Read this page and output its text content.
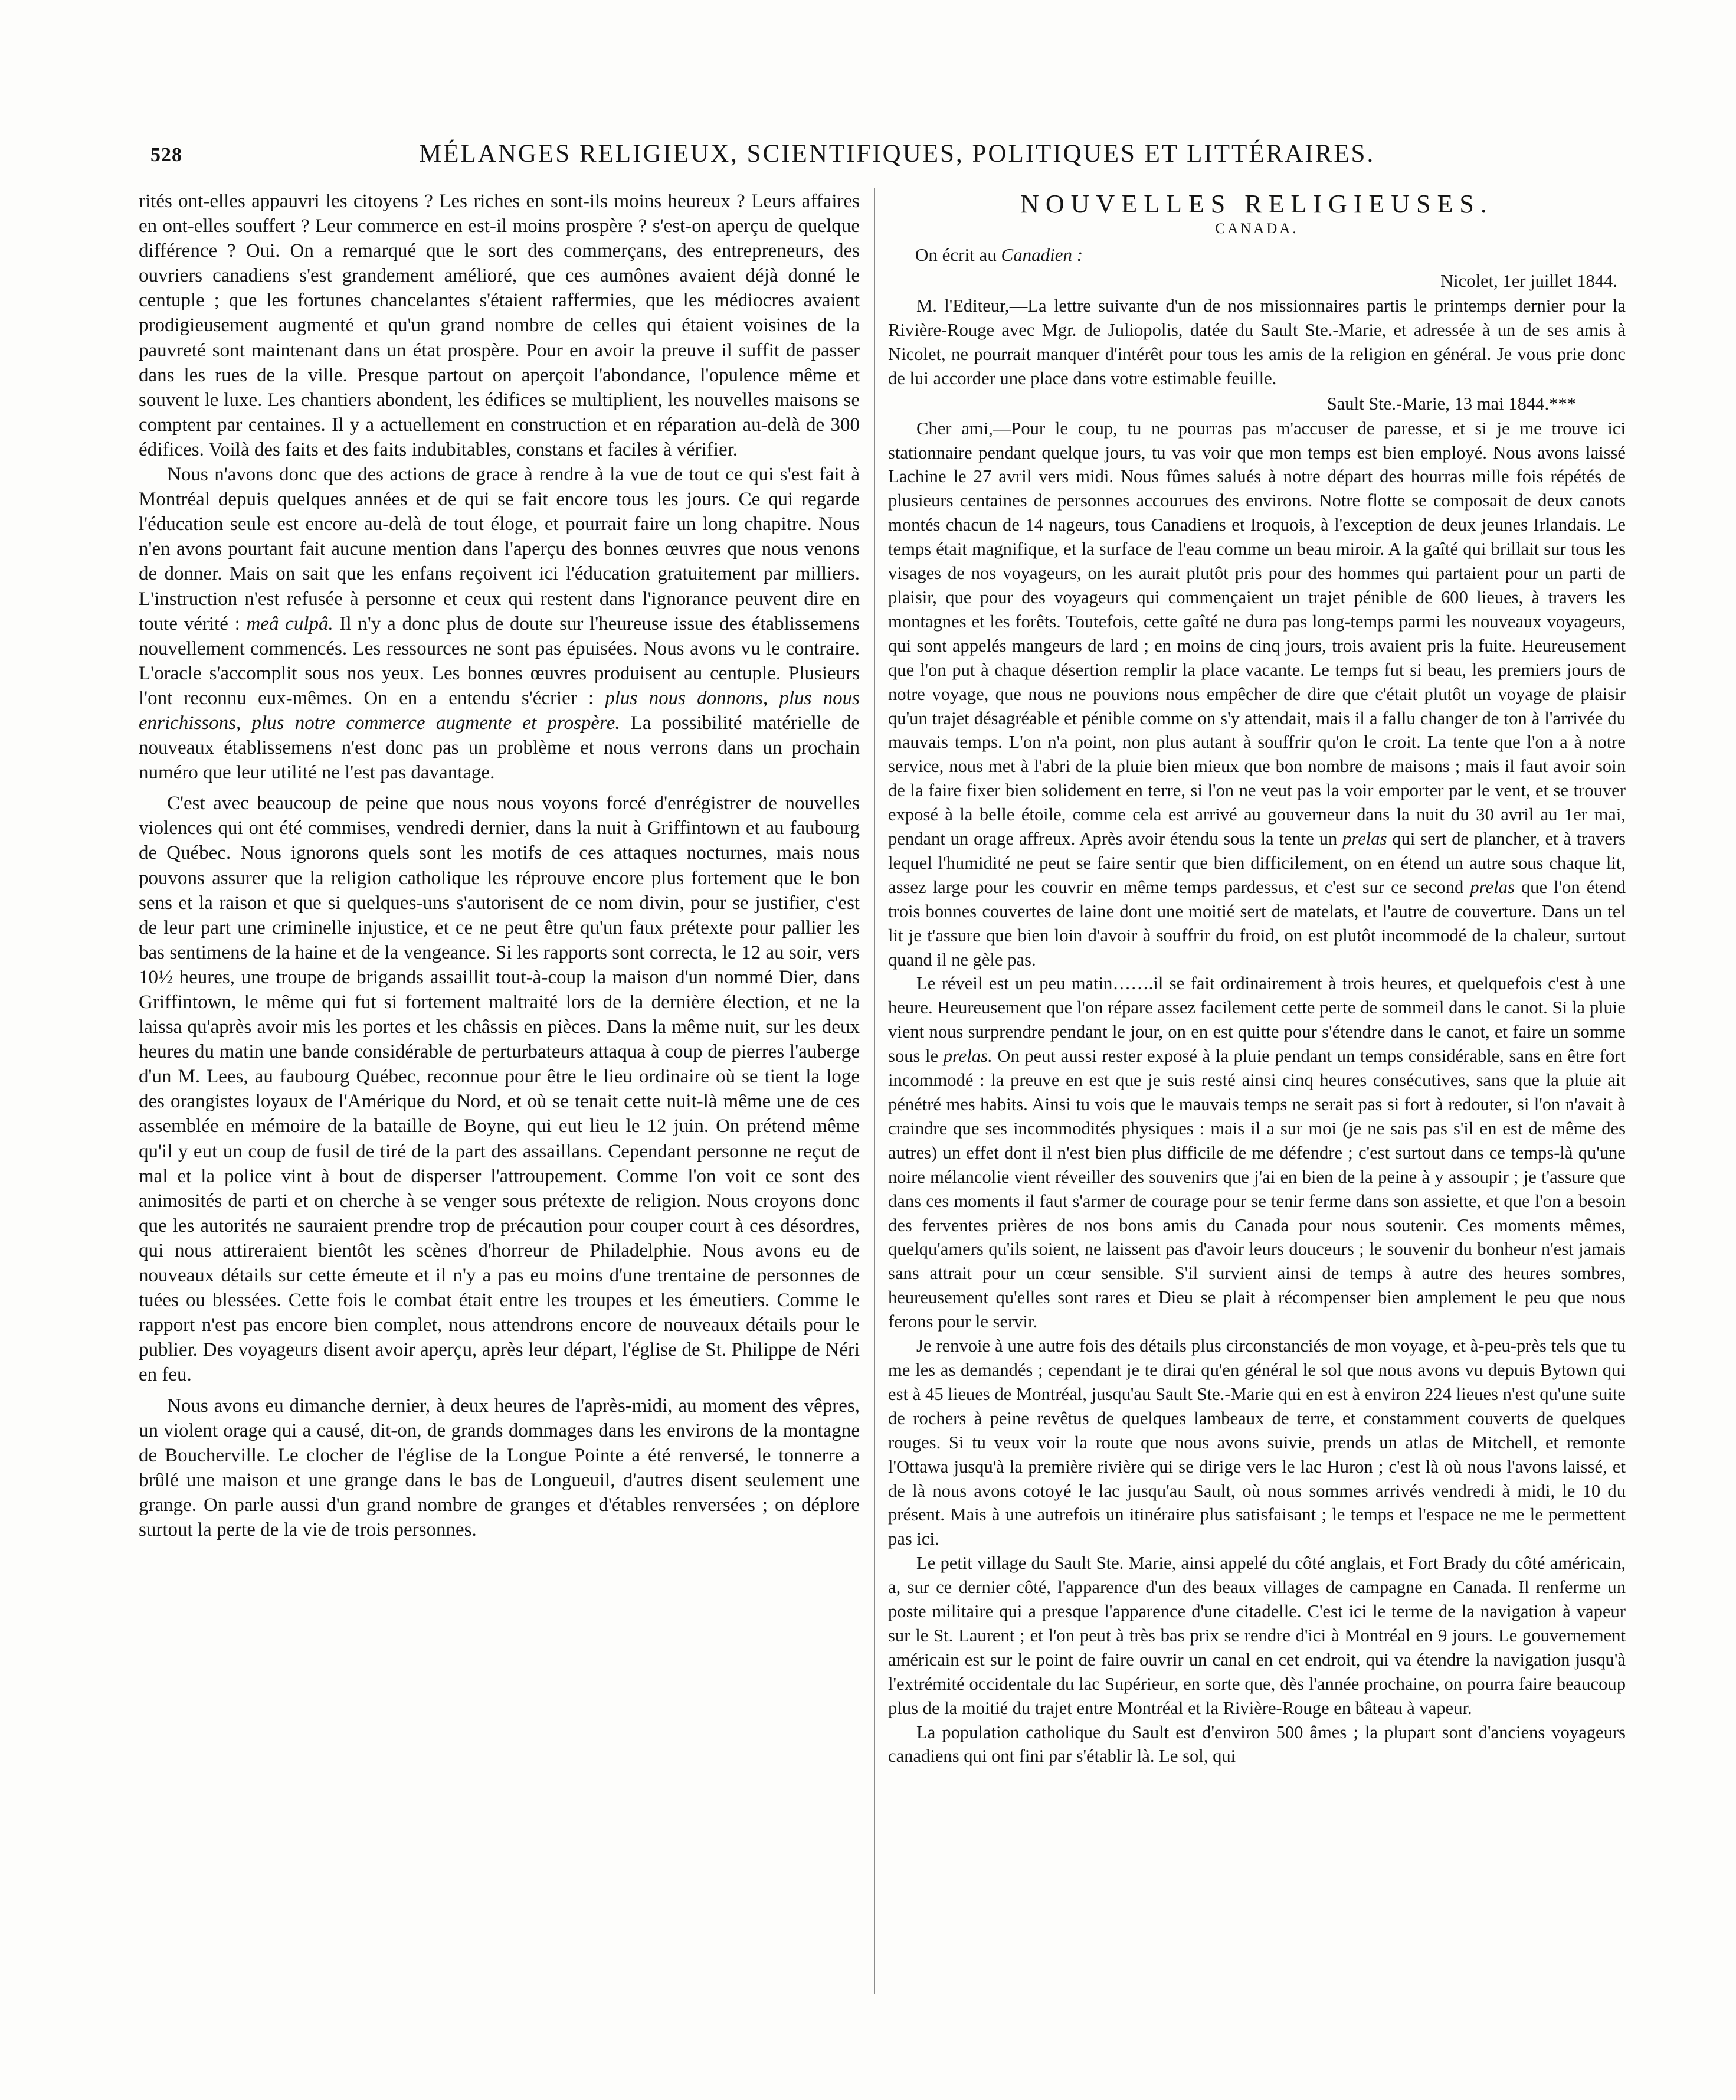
528	MÉLANGES RELIGIEUX, SCIENTIFIQUES, POLITIQUES ET LITTÉRAIRES.

rités ont-elles appauvri les citoyens ? Les riches en sont-ils moins heureux ? Leurs affaires en ont-elles souffert ? Leur commerce en est-il moins prospère ? s'est-on aperçu de quelque différence ? Oui. On a remarqué que le sort des commerçans, des entrepreneurs, des ouvriers canadiens s'est grandement amélioré, que ces aumônes avaient déjà donné le centuple ; que les fortunes chancelantes s'étaient raffermies, que les médiocres avaient prodigieusement augmenté et qu'un grand nombre de celles qui étaient voisines de la pauvreté sont maintenant dans un état prospère. Pour en avoir la preuve il suffit de passer dans les rues de la ville. Presque partout on aperçoit l'abondance, l'opulence même et souvent le luxe. Les chantiers abondent, les édifices se multiplient, les nouvelles maisons se comptent par centaines. Il y a actuellement en construction et en réparation au-delà de 300 édifices. Voilà des faits et des faits indubitables, constans et faciles à vérifier.

Nous n'avons donc que des actions de grace à rendre à la vue de tout ce qui s'est fait à Montréal depuis quelques années et de qui se fait encore tous les jours. Ce qui regarde l'éducation seule est encore au-delà de tout éloge, et pourrait faire un long chapitre. Nous n'en avons pourtant fait aucune mention dans l'aperçu des bonnes œuvres que nous venons de donner. Mais on sait que les enfans reçoivent ici l'éducation gratuitement par milliers. L'instruction n'est refusée à personne et ceux qui restent dans l'ignorance peuvent dire en toute vérité : meâ culpâ. Il n'y a donc plus de doute sur l'heureuse issue des établissemens nouvellement commencés. Les ressources ne sont pas épuisées. Nous avons vu le contraire. L'oracle s'accomplit sous nos yeux. Les bonnes œuvres produisent au centuple. Plusieurs l'ont reconnu eux-mêmes. On en a entendu s'écrier : plus nous donnons, plus nous enrichissons, plus notre commerce augmente et prospère. La possibilité matérielle de nouveaux établissemens n'est donc pas un problème et nous verrons dans un prochain numéro que leur utilité ne l'est pas davantage.

C'est avec beaucoup de peine que nous nous voyons forcé d'enrégistrer de nouvelles violences qui ont été commises, vendredi dernier, dans la nuit à Griffintown et au faubourg de Québec. Nous ignorons quels sont les motifs de ces attaques nocturnes, mais nous pouvons assurer que la religion catholique les réprouve encore plus fortement que le bon sens et la raison et que si quelques-uns s'autorisent de ce nom divin, pour se justifier, c'est de leur part une criminelle injustice, et ce ne peut être qu'un faux prétexte pour pallier les bas sentimens de la haine et de la vengeance. Si les rapports sont correcta, le 12 au soir, vers 10½ heures, une troupe de brigands assaillit tout-à-coup la maison d'un nommé Dier, dans Griffintown, le même qui fut si fortement maltraité lors de la dernière élection, et ne la laissa qu'après avoir mis les portes et les châssis en pièces. Dans la même nuit, sur les deux heures du matin une bande considérable de perturbateurs attaqua à coup de pierres l'auberge d'un M. Lees, au faubourg Québec, reconnue pour être le lieu ordinaire où se tient la loge des orangistes loyaux de l'Amérique du Nord, et où se tenait cette nuit-là même une de ces assemblée en mémoire de la bataille de Boyne, qui eut lieu le 12 juin. On prétend même qu'il y eut un coup de fusil de tiré de la part des assaillans. Cependant personne ne reçut de mal et la police vint à bout de disperser l'attroupement. Comme l'on voit ce sont des animosités de parti et on cherche à se venger sous prétexte de religion. Nous croyons donc que les autorités ne sauraient prendre trop de précaution pour couper court à ces désordres, qui nous attireraient bientôt les scènes d'horreur de Philadelphie. Nous avons eu de nouveaux détails sur cette émeute et il n'y a pas eu moins d'une trentaine de personnes de tuées ou blessées. Cette fois le combat était entre les troupes et les émeutiers. Comme le rapport n'est pas encore bien complet, nous attendrons encore de nouveaux détails pour le publier. Des voyageurs disent avoir aperçu, après leur départ, l'église de St. Philippe de Néri en feu.

Nous avons eu dimanche dernier, à deux heures de l'après-midi, au moment des vêpres, un violent orage qui a causé, dit-on, de grands dommages dans les environs de la montagne de Boucherville. Le clocher de l'église de la Longue Pointe a été renversé, le tonnerre a brûlé une maison et une grange dans le bas de Longueuil, d'autres disent seulement une grange. On parle aussi d'un grand nombre de granges et d'étables renversées ; on déplore surtout la perte de la vie de trois personnes.

NOUVELLES RELIGIEUSES.
CANADA.
On écrit au Canadien :
Nicolet, 1er juillet 1844.

M. l'Editeur,—La lettre suivante d'un de nos missionnaires partis le printemps dernier pour la Rivière-Rouge avec Mgr. de Juliopolis, datée du Sault Ste.-Marie, et adressée à un de ses amis à Nicolet, ne pourrait manquer d'intérêt pour tous les amis de la religion en général. Je vous prie donc de lui accorder une place dans votre estimable feuille.

***
Sault Ste.-Marie, 13 mai 1844.

Cher ami,—Pour le coup, tu ne pourras pas m'accuser de paresse, et si je me trouve ici stationnaire pendant quelque jours, tu vas voir que mon temps est bien employé. Nous avons laissé Lachine le 27 avril vers midi. Nous fûmes salués à notre départ des hourras mille fois répétés de plusieurs centaines de personnes accourues des environs. Notre flotte se composait de deux canots montés chacun de 14 nageurs, tous Canadiens et Iroquois, à l'exception de deux jeunes Irlandais. Le temps était magnifique, et la surface de l'eau comme un beau miroir. A la gaîté qui brillait sur tous les visages de nos voyageurs, on les aurait plutôt pris pour des hommes qui partaient pour un parti de plaisir, que pour des voyageurs qui commençaient un trajet pénible de 600 lieues, à travers les montagnes et les forêts. Toutefois, cette gaîté ne dura pas long-temps parmi les nouveaux voyageurs, qui sont appelés mangeurs de lard ; en moins de cinq jours, trois avaient pris la fuite. Heureusement que l'on put à chaque désertion remplir la place vacante. Le temps fut si beau, les premiers jours de notre voyage, que nous ne pouvions nous empêcher de dire que c'était plutôt un voyage de plaisir qu'un trajet désagréable et pénible comme on s'y attendait, mais il a fallu changer de ton à l'arrivée du mauvais temps. L'on n'a point, non plus autant à souffrir qu'on le croit. La tente que l'on a à notre service, nous met à l'abri de la pluie bien mieux que bon nombre de maisons ; mais il faut avoir soin de la faire fixer bien solidement en terre, si l'on ne veut pas la voir emporter par le vent, et se trouver exposé à la belle étoile, comme cela est arrivé au gouverneur dans la nuit du 30 avril au 1er mai, pendant un orage affreux. Après avoir étendu sous la tente un prelas qui sert de plancher, et à travers lequel l'humidité ne peut se faire sentir que bien difficilement, on en étend un autre sous chaque lit, assez large pour les couvrir en même temps pardessus, et c'est sur ce second prelas que l'on étend trois bonnes couvertes de laine dont une moitié sert de matelats, et l'autre de couverture. Dans un tel lit je t'assure que bien loin d'avoir à souffrir du froid, on est plutôt incommodé de la chaleur, surtout quand il ne gèle pas.

Le réveil est un peu matin…….il se fait ordinairement à trois heures, et quelquefois c'est à une heure. Heureusement que l'on répare assez facilement cette perte de sommeil dans le canot. Si la pluie vient nous surprendre pendant le jour, on en est quitte pour s'étendre dans le canot, et faire un somme sous le prelas. On peut aussi rester exposé à la pluie pendant un temps considérable, sans en être fort incommodé : la preuve en est que je suis resté ainsi cinq heures consécutives, sans que la pluie ait pénétré mes habits. Ainsi tu vois que le mauvais temps ne serait pas si fort à redouter, si l'on n'avait à craindre que ses incommodités physiques : mais il a sur moi (je ne sais pas s'il en est de même des autres) un effet dont il n'est bien plus difficile de me défendre ; c'est surtout dans ce temps-là qu'une noire mélancolie vient réveiller des souvenirs que j'ai en bien de la peine à y assoupir ; je t'assure que dans ces moments il faut s'armer de courage pour se tenir ferme dans son assiette, et que l'on a besoin des ferventes prières de nos bons amis du Canada pour nous soutenir. Ces moments mêmes, quelqu'amers qu'ils soient, ne laissent pas d'avoir leurs douceurs ; le souvenir du bonheur n'est jamais sans attrait pour un cœur sensible. S'il survient ainsi de temps à autre des heures sombres, heureusement qu'elles sont rares et Dieu se plait à récompenser bien amplement le peu que nous ferons pour le servir.

Je renvoie à une autre fois des détails plus circonstanciés de mon voyage, et à-peu-près tels que tu me les as demandés ; cependant je te dirai qu'en général le sol que nous avons vu depuis Bytown qui est à 45 lieues de Montréal, jusqu'au Sault Ste.-Marie qui en est à environ 224 lieues n'est qu'une suite de rochers à peine revêtus de quelques lambeaux de terre, et constamment couverts de quelques rouges. Si tu veux voir la route que nous avons suivie, prends un atlas de Mitchell, et remonte l'Ottawa jusqu'à la première rivière qui se dirige vers le lac Huron ; c'est là où nous l'avons laissé, et de là nous avons cotoyé le lac jusqu'au Sault, où nous sommes arrivés vendredi à midi, le 10 du présent. Mais à une autrefois un itinéraire plus satisfaisant ; le temps et l'espace ne me le permettent pas ici.

Le petit village du Sault Ste. Marie, ainsi appelé du côté anglais, et Fort Brady du côté américain, a, sur ce dernier côté, l'apparence d'un des beaux villages de campagne en Canada. Il renferme un poste militaire qui a presque l'apparence d'une citadelle. C'est ici le terme de la navigation à vapeur sur le St. Laurent ; et l'on peut à très bas prix se rendre d'ici à Montréal en 9 jours. Le gouvernement américain est sur le point de faire ouvrir un canal en cet endroit, qui va étendre la navigation jusqu'à l'extrémité occidentale du lac Supérieur, en sorte que, dès l'année prochaine, on pourra faire beaucoup plus de la moitié du trajet entre Montréal et la Rivière-Rouge en bâteau à vapeur.

La population catholique du Sault est d'environ 500 âmes ; la plupart sont d'anciens voyageurs canadiens qui ont fini par s'établir là. Le sol, qui
